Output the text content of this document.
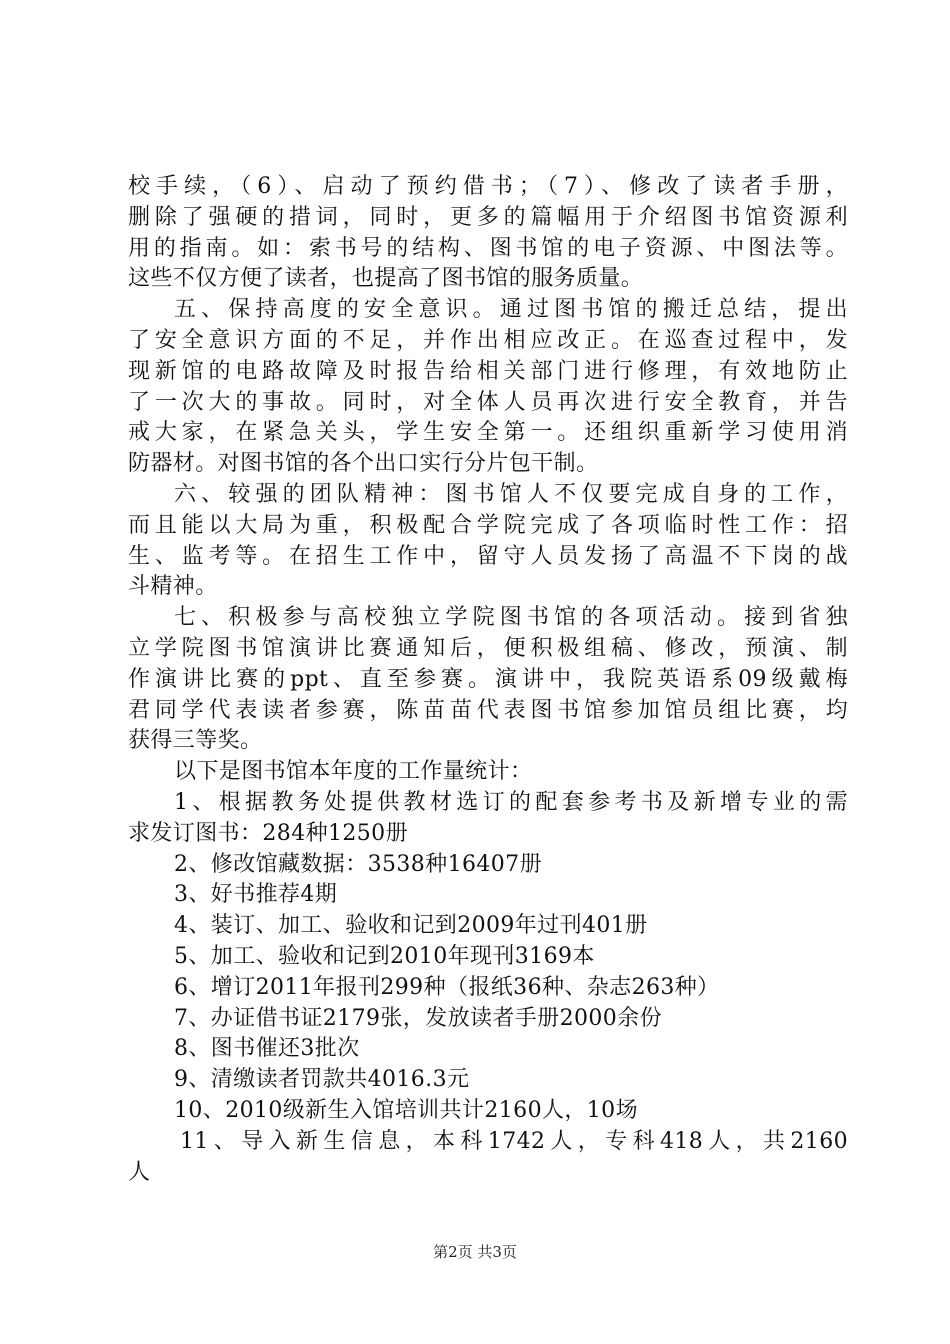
校手续，（6）、启动了预约借书；（7）、修改了读者手册，
删除了强硬的措词，同时，更多的篇幅用于介绍图书馆资源利
用的指南。如：索书号的结构、图书馆的电子资源、中图法等。
这些不仅方便了读者，也提高了图书馆的服务质量。
五、保持高度的安全意识。通过图书馆的搬迁总结，提出
了安全意识方面的不足，并作出相应改正。在巡查过程中，发
现新馆的电路故障及时报告给相关部门进行修理，有效地防止
了一次大的事故。同时，对全体人员再次进行安全教育，并告
戒大家，在紧急关头，学生安全第一。还组织重新学习使用消
防器材。对图书馆的各个出口实行分片包干制。
六、较强的团队精神：图书馆人不仅要完成自身的工作，
而且能以大局为重，积极配合学院完成了各项临时性工作：招
生、监考等。在招生工作中，留守人员发扬了高温不下岗的战
斗精神。
七、积极参与高校独立学院图书馆的各项活动。接到省独
立学院图书馆演讲比赛通知后，便积极组稿、修改，预演、制
作演讲比赛的ppt、直至参赛。演讲中，我院英语系09级戴梅
君同学代表读者参赛，陈苗苗代表图书馆参加馆员组比赛，均
获得三等奖。
以下是图书馆本年度的工作量统计：
1、根据教务处提供教材选订的配套参考书及新增专业的需
求发订图书：284种1250册
2、修改馆藏数据：3538种16407册
3、好书推荐4期
4、装订、加工、验收和记到2009年过刊401册
5、加工、验收和记到2010年现刊3169本
6、增订2011年报刊299种（报纸36种、杂志263种）
7、办证借书证2179张，发放读者手册2000余份
8、图书催还3批次
9、清缴读者罚款共4016.3元
10、2010级新生入馆培训共计2160人，10场
11、导入新生信息，本科1742人，专科418人，共2160
人
第2页 共3页
